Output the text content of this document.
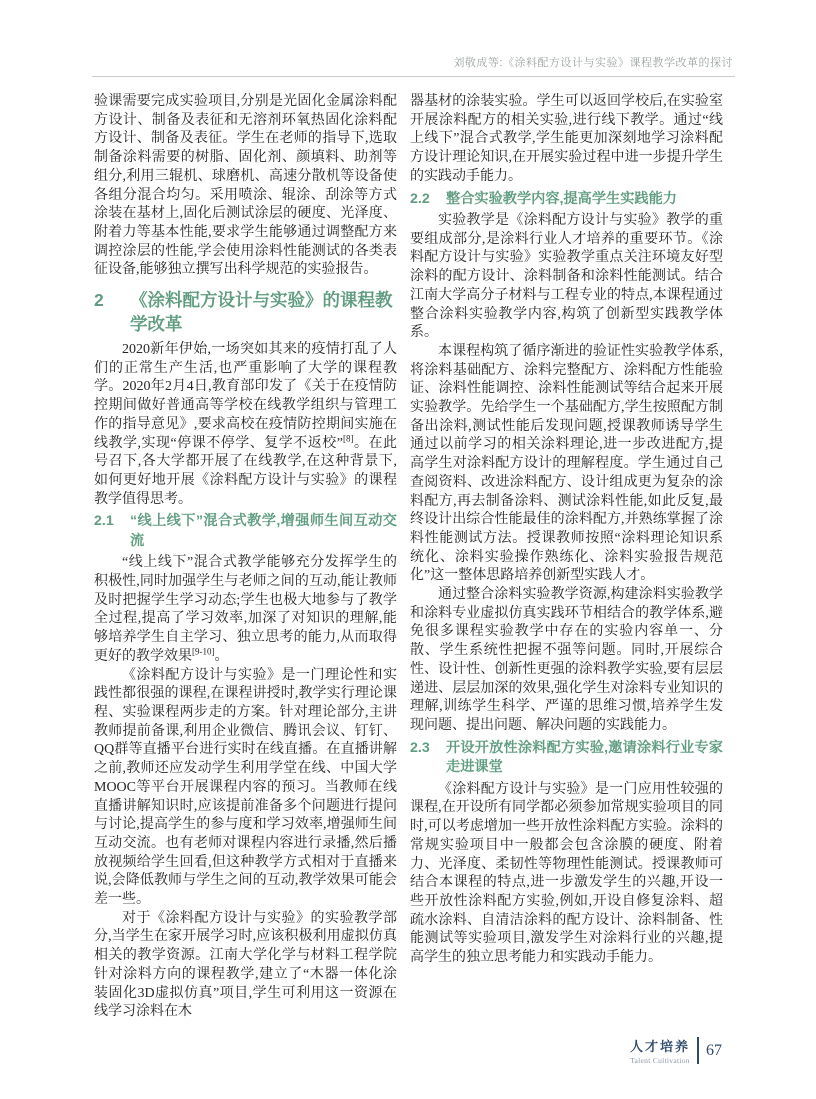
刘敬成等:《涂料配方设计与实验》课程教学改革的探讨

验课需要完成实验项目,分别是光固化金属涂料配方设计、制备及表征和无溶剂环氧热固化涂料配方设计、制备及表征。学生在老师的指导下,选取制备涂料需要的树脂、固化剂、颜填料、助剂等组分,利用三辊机、球磨机、高速分散机等设备使各组分混合均匀。采用喷涂、辊涂、刮涂等方式涂装在基材上,固化后测试涂层的硬度、光泽度、附着力等基本性能,要求学生能够通过调整配方来调控涂层的性能,学会使用涂料性能测试的各类表征设备,能够独立撰写出科学规范的实验报告。

2	《涂料配方设计与实验》的课程教学改革

2020新年伊始,一场突如其来的疫情打乱了人们的正常生产生活,也严重影响了大学的课程教学。2020年2月4日,教育部印发了《关于在疫情防控期间做好普通高等学校在线教学组织与管理工作的指导意见》,要求高校在疫情防控期间实施在线教学,实现“停课不停学、复学不返校”[8]。在此号召下,各大学都开展了在线教学,在这种背景下,如何更好地开展《涂料配方设计与实验》的课程教学值得思考。

2.1	“线上线下”混合式教学,增强师生间互动交流

“线上线下”混合式教学能够充分发挥学生的积极性,同时加强学生与老师之间的互动,能让教师及时把握学生学习动态;学生也极大地参与了教学全过程,提高了学习效率,加深了对知识的理解,能够培养学生自主学习、独立思考的能力,从而取得更好的教学效果[9-10]。

《涂料配方设计与实验》是一门理论性和实践性都很强的课程,在课程讲授时,教学实行理论课程、实验课程两步走的方案。针对理论部分,主讲教师提前备课,利用企业微信、腾讯会议、钉钉、QQ群等直播平台进行实时在线直播。在直播讲解之前,教师还应发动学生利用学堂在线、中国大学MOOC等平台开展课程内容的预习。当教师在线直播讲解知识时,应该提前准备多个问题进行提问与讨论,提高学生的参与度和学习效率,增强师生间互动交流。也有老师对课程内容进行录播,然后播放视频给学生回看,但这种教学方式相对于直播来说,会降低教师与学生之间的互动,教学效果可能会差一些。

对于《涂料配方设计与实验》的实验教学部分,当学生在家开展学习时,应该积极利用虚拟仿真相关的教学资源。江南大学化学与材料工程学院针对涂料方向的课程教学,建立了“木器一体化涂装固化3D虚拟仿真”项目,学生可利用这一资源在线学习涂料在木

器基材的涂装实验。学生可以返回学校后,在实验室开展涂料配方的相关实验,进行线下教学。通过“线上线下”混合式教学,学生能更加深刻地学习涂料配方设计理论知识,在开展实验过程中进一步提升学生的实践动手能力。

2.2	整合实验教学内容,提高学生实践能力

实验教学是《涂料配方设计与实验》教学的重要组成部分,是涂料行业人才培养的重要环节。《涂料配方设计与实验》实验教学重点关注环境友好型涂料的配方设计、涂料制备和涂料性能测试。结合江南大学高分子材料与工程专业的特点,本课程通过整合涂料实验教学内容,构筑了创新型实践教学体系。

本课程构筑了循序渐进的验证性实验教学体系,将涂料基础配方、涂料完整配方、涂料配方性能验证、涂料性能调控、涂料性能测试等结合起来开展实验教学。先给学生一个基础配方,学生按照配方制备出涂料,测试性能后发现问题,授课教师诱导学生通过以前学习的相关涂料理论,进一步改进配方,提高学生对涂料配方设计的理解程度。学生通过自己查阅资料、改进涂料配方、设计组成更为复杂的涂料配方,再去制备涂料、测试涂料性能,如此反复,最终设计出综合性能最佳的涂料配方,并熟练掌握了涂料性能测试方法。授课教师按照“涂料理论知识系统化、涂料实验操作熟练化、涂料实验报告规范化”这一整体思路培养创新型实践人才。

通过整合涂料实验教学资源,构建涂料实验教学和涂料专业虚拟仿真实践环节相结合的教学体系,避免很多课程实验教学中存在的实验内容单一、分散、学生系统性把握不强等问题。同时,开展综合性、设计性、创新性更强的涂料教学实验,要有层层递进、层层加深的效果,强化学生对涂料专业知识的理解,训练学生科学、严谨的思维习惯,培养学生发现问题、提出问题、解决问题的实践能力。

2.3	开设开放性涂料配方实验,邀请涂料行业专家走进课堂

《涂料配方设计与实验》是一门应用性较强的课程,在开设所有同学都必须参加常规实验项目的同时,可以考虑增加一些开放性涂料配方实验。涂料的常规实验项目中一般都会包含涂膜的硬度、附着力、光泽度、柔韧性等物理性能测试。授课教师可结合本课程的特点,进一步激发学生的兴趣,开设一些开放性涂料配方实验,例如,开设自修复涂料、超疏水涂料、自清洁涂料的配方设计、涂料制备、性能测试等实验项目,激发学生对涂料行业的兴趣,提高学生的独立思考能力和实践动手能力。

人才培养
Talent Cultivation
67
